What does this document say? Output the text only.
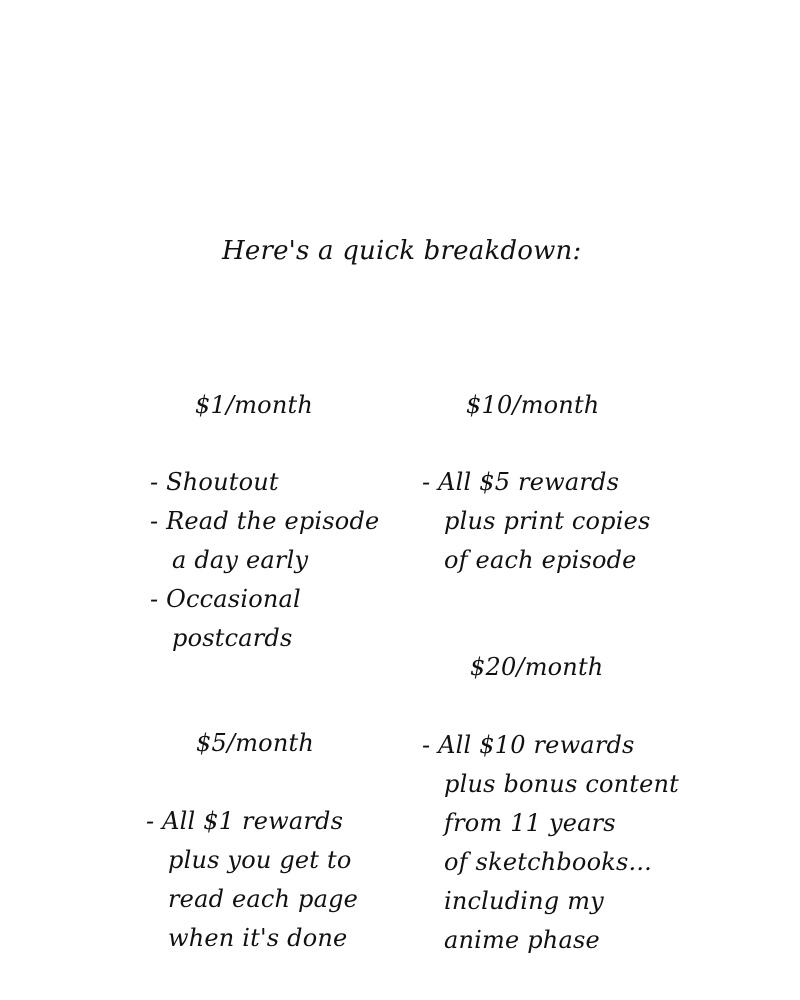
Here's a quick breakdown:
$1/month
- Shoutout
- Read the episode
a day early
- Occasional
postcards
$10/month
- All $5 rewards
plus print copies
of each episode
$20/month
- All $10 rewards
plus bonus content
from 11 years
of sketchbooks...
including my
anime phase
$5/month
- All $1 rewards
plus you get to
read each page
when it's done
